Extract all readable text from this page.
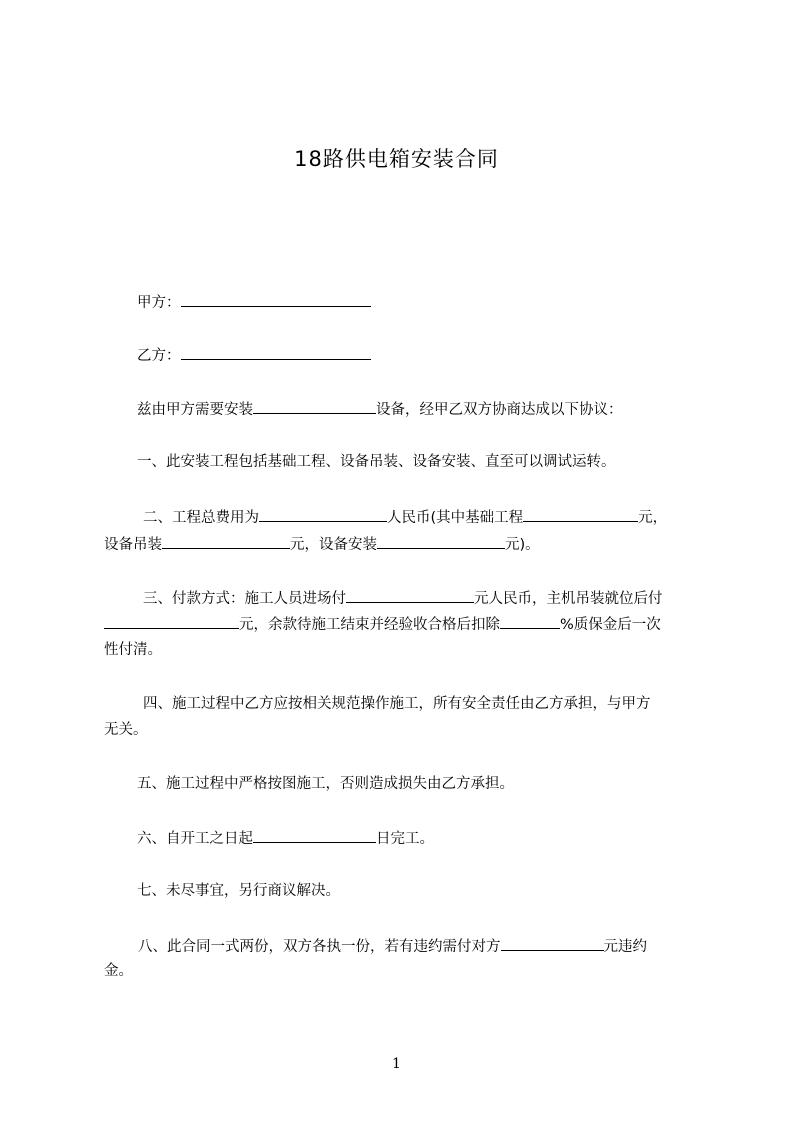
18路供电箱安装合同
甲方：
乙方：
兹由甲方需要安装	设备，经甲乙双方协商达成以下协议：
一、此安装工程包括基础工程、设备吊装、设备安装、直至可以调试运转。
二、工程总费用为	人民币(其中基础工程	元，
设备吊装	元，设备安装	元)。
三、付款方式：施工人员进场付	元人民币，主机吊装就位后付
元，余款待施工结束并经验收合格后扣除	%质保金后一次
性付清。
四、施工过程中乙方应按相关规范操作施工，所有安全责任由乙方承担，与甲方
无关。
五、施工过程中严格按图施工，否则造成损失由乙方承担。
六、自开工之日起	日完工。
七、未尽事宜，另行商议解决。
八、此合同一式两份，双方各执一份，若有违约需付对方	元违约
金。
1
